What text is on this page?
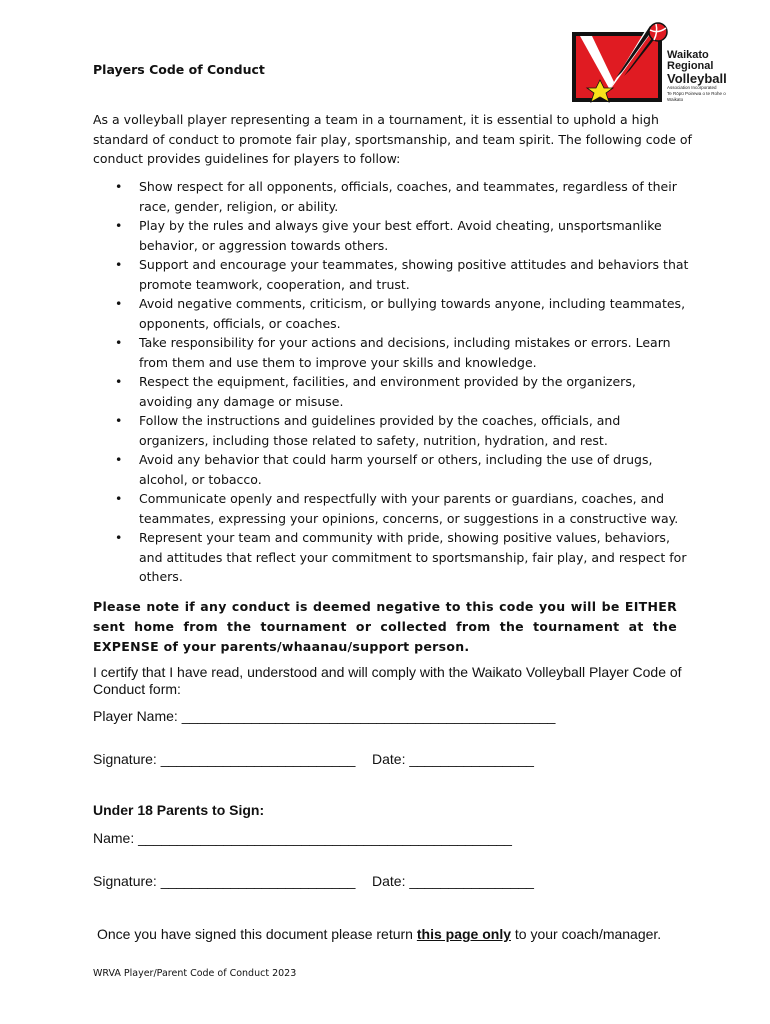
Waikato
Regional
Volleyball
Association Incorporated
Te Rōpū Poirewa o te Rohe o Waikato
Players Code of Conduct
As a volleyball player representing a team in a tournament, it is essential to uphold a high standard of conduct to promote fair play, sportsmanship, and team spirit. The following code of conduct provides guidelines for players to follow:
• Show respect for all opponents, officials, coaches, and teammates, regardless of their race, gender, religion, or ability.
• Play by the rules and always give your best effort. Avoid cheating, unsportsmanlike behavior, or aggression towards others.
• Support and encourage your teammates, showing positive attitudes and behaviors that promote teamwork, cooperation, and trust.
• Avoid negative comments, criticism, or bullying towards anyone, including teammates, opponents, officials, or coaches.
• Take responsibility for your actions and decisions, including mistakes or errors. Learn from them and use them to improve your skills and knowledge.
• Respect the equipment, facilities, and environment provided by the organizers, avoiding any damage or misuse.
• Follow the instructions and guidelines provided by the coaches, officials, and organizers, including those related to safety, nutrition, hydration, and rest.
• Avoid any behavior that could harm yourself or others, including the use of drugs, alcohol, or tobacco.
• Communicate openly and respectfully with your parents or guardians, coaches, and teammates, expressing your opinions, concerns, or suggestions in a constructive way.
• Represent your team and community with pride, showing positive values, behaviors, and attitudes that reflect your commitment to sportsmanship, fair play, and respect for others.
Please note if any conduct is deemed negative to this code you will be EITHER sent home from the tournament or collected from the tournament at the EXPENSE of your parents/whaanau/support person.
I certify that I have read, understood and will comply with the Waikato Volleyball Player Code of Conduct form:
Player Name: ________________________________________________
Signature: _________________________ Date: ________________
Under 18 Parents to Sign:
Name: ________________________________________________
Signature: _________________________ Date: ________________
Once you have signed this document please return this page only to your coach/manager.
WRVA Player/Parent Code of Conduct 2023
